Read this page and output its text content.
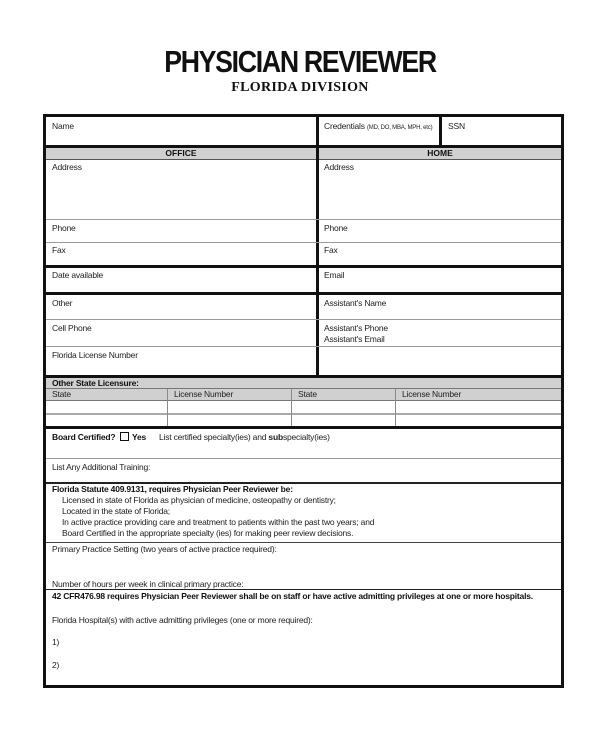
PHYSICIAN REVIEWER
FLORIDA DIVISION
Name	Credentials (MD, DO, MBA, MPH, etc) SSN
OFFICE	HOME
Address	Address
Phone	Phone
Fax	Fax
Date available	Email
Other	Assistant's Name
Cell Phone	Assistant's Phone
Assistant's Email
Florida License Number
Other State Licensure:
State	License Number	State	License Number
Board Certified?	Yes List certified specialty(ies) and subspecialty(ies)
List Any Additional Training:
Florida Statute 409.9131, requires Physician Peer Reviewer be:
Licensed in state of Florida as physician of medicine, osteopathy or dentistry;
Located in the state of Florida;
In active practice providing care and treatment to patients within the past two years; and
Board Certified in the appropriate specialty (ies) for making peer review decisions.
Primary Practice Setting (two years of active practice required):
Number of hours per week in clinical primary practice:
42 CFR476.98 requires Physician Peer Reviewer shall be on staff or have active admitting privileges at one or more hospitals.
Florida Hospital(s) with active admitting privileges (one or more required):
1)
2)
